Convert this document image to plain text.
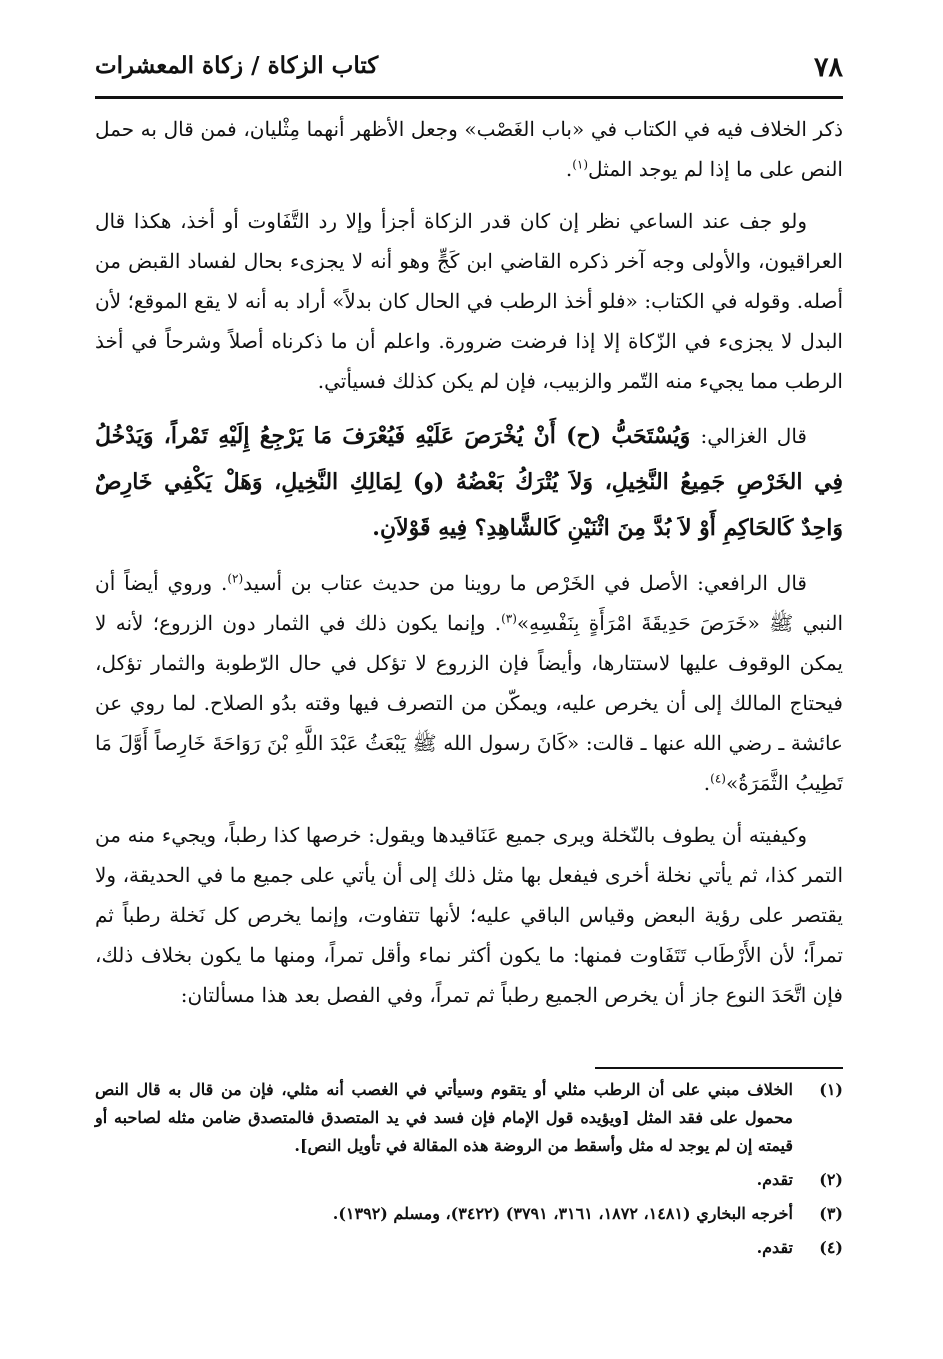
٧٨
كتاب الزكاة / زكاة المعشرات

ذكر الخلاف فيه في الكتاب في «باب الغَصْب» وجعل الأظهر أنهما مِثْليان، فمن قال به حمل النص على ما إذا لم يوجد المثل$^{(١)}$.

ولو جف عند الساعي نظر إن كان قدر الزكاة أجزأ وإلا رد التَّفَاوت أو أخذ، هكذا قال العراقيون، والأولى وجه آخر ذكره القاضي ابن كَجٍّ وهو أنه لا يجزىء بحال لفساد القبض من أصله. وقوله في الكتاب: «فلو أخذ الرطب في الحال كان بدلاً» أراد به أنه لا يقع الموقع؛ لأن البدل لا يجزىء في الزّكاة إلا إذا فرضت ضرورة. واعلم أن ما ذكرناه أصلاً وشرحاً في أخذ الرطب مما يجيء منه التّمر والزبيب، فإن لم يكن كذلك فسيأتي.

قال الغزالي: وَيُسْتَحَبُّ (ح) أَنْ يُخْرَصَ عَلَيْهِ فَيُعْرَفَ مَا يَرْجِعُ إِلَيْهِ تَمْراً، وَيَدْخُلُ فِي الخَرْصِ جَمِيعُ النَّخِيلِ، وَلاَ يُتْرَكُ بَعْضُهُ (و) لِمَالِكِ النَّخِيلِ، وَهَلْ يَكْفِي خَارِصٌ وَاحِدٌ كَالحَاكِمِ أَوْ لاَ بُدَّ مِنَ اثْنَيْنِ كَالشَّاهِدِ؟ فِيهِ قَوْلاَنِ.

قال الرافعي: الأصل في الخَرْص ما روينا من حديث عتاب بن أسيد$^{(٢)}$. وروي أيضاً أن النبي ﷺ «خَرَصَ حَدِيقَةَ امْرَأَةٍ بِنَفْسِهِ»$^{(٣)}$. وإنما يكون ذلك في الثمار دون الزروع؛ لأنه لا يمكن الوقوف عليها لاستتارها، وأيضاً فإن الزروع لا تؤكل في حال الرّطوبة والثمار تؤكل، فيحتاج المالك إلى أن يخرص عليه، ويمكّن من التصرف فيها وقته بدُو الصلاح. لما روي عن عائشة ـ رضي الله عنها ـ قالت: «كَانَ رسول الله ﷺ يَبْعَثُ عَبْدَ اللَّهِ بْنَ رَوَاحَةَ خَارِصاً أَوَّلَ مَا تَطِيبُ الثَّمَرَةُ»$^{(٤)}$.

وكيفيته أن يطوف بالنّخلة ويرى جميع عَنَاقيدها ويقول: خرصها كذا رطباً، ويجيء منه من التمر كذا، ثم يأتي نخلة أخرى فيفعل بها مثل ذلك إلى أن يأتي على جميع ما في الحديقة، ولا يقتصر على رؤية البعض وقياس الباقي عليه؛ لأنها تتفاوت، وإنما يخرص كل نَخلة رطباً ثم تمراً؛ لأن الأَرْطَاب تَتَفَاوت فمنها: ما يكون أكثر نماء وأقل تمراً، ومنها ما يكون بخلاف ذلك، فإن اتَّحَدَ النوع جاز أن يخرص الجميع رطباً ثم تمراً، وفي الفصل بعد هذا مسألتان:

(١)
الخلاف مبني على أن الرطب مثلي أو يتقوم وسيأتي في الغصب أنه مثلي، فإن من قال به قال النص محمول على فقد المثل [ويؤيده قول الإمام فإن فسد في يد المتصدق فالمتصدق ضامن مثله لصاحبه أو قيمته إن لم يوجد له مثل وأسقط من الروضة هذه المقالة في تأويل النص].
(٢)
تقدم.
(٣)
أخرجه البخاري (١٤٨١، ١٨٧٢، ٣١٦١، ٣٧٩١) (٣٤٢٢)، ومسلم (١٣٩٢).
(٤)
تقدم.
